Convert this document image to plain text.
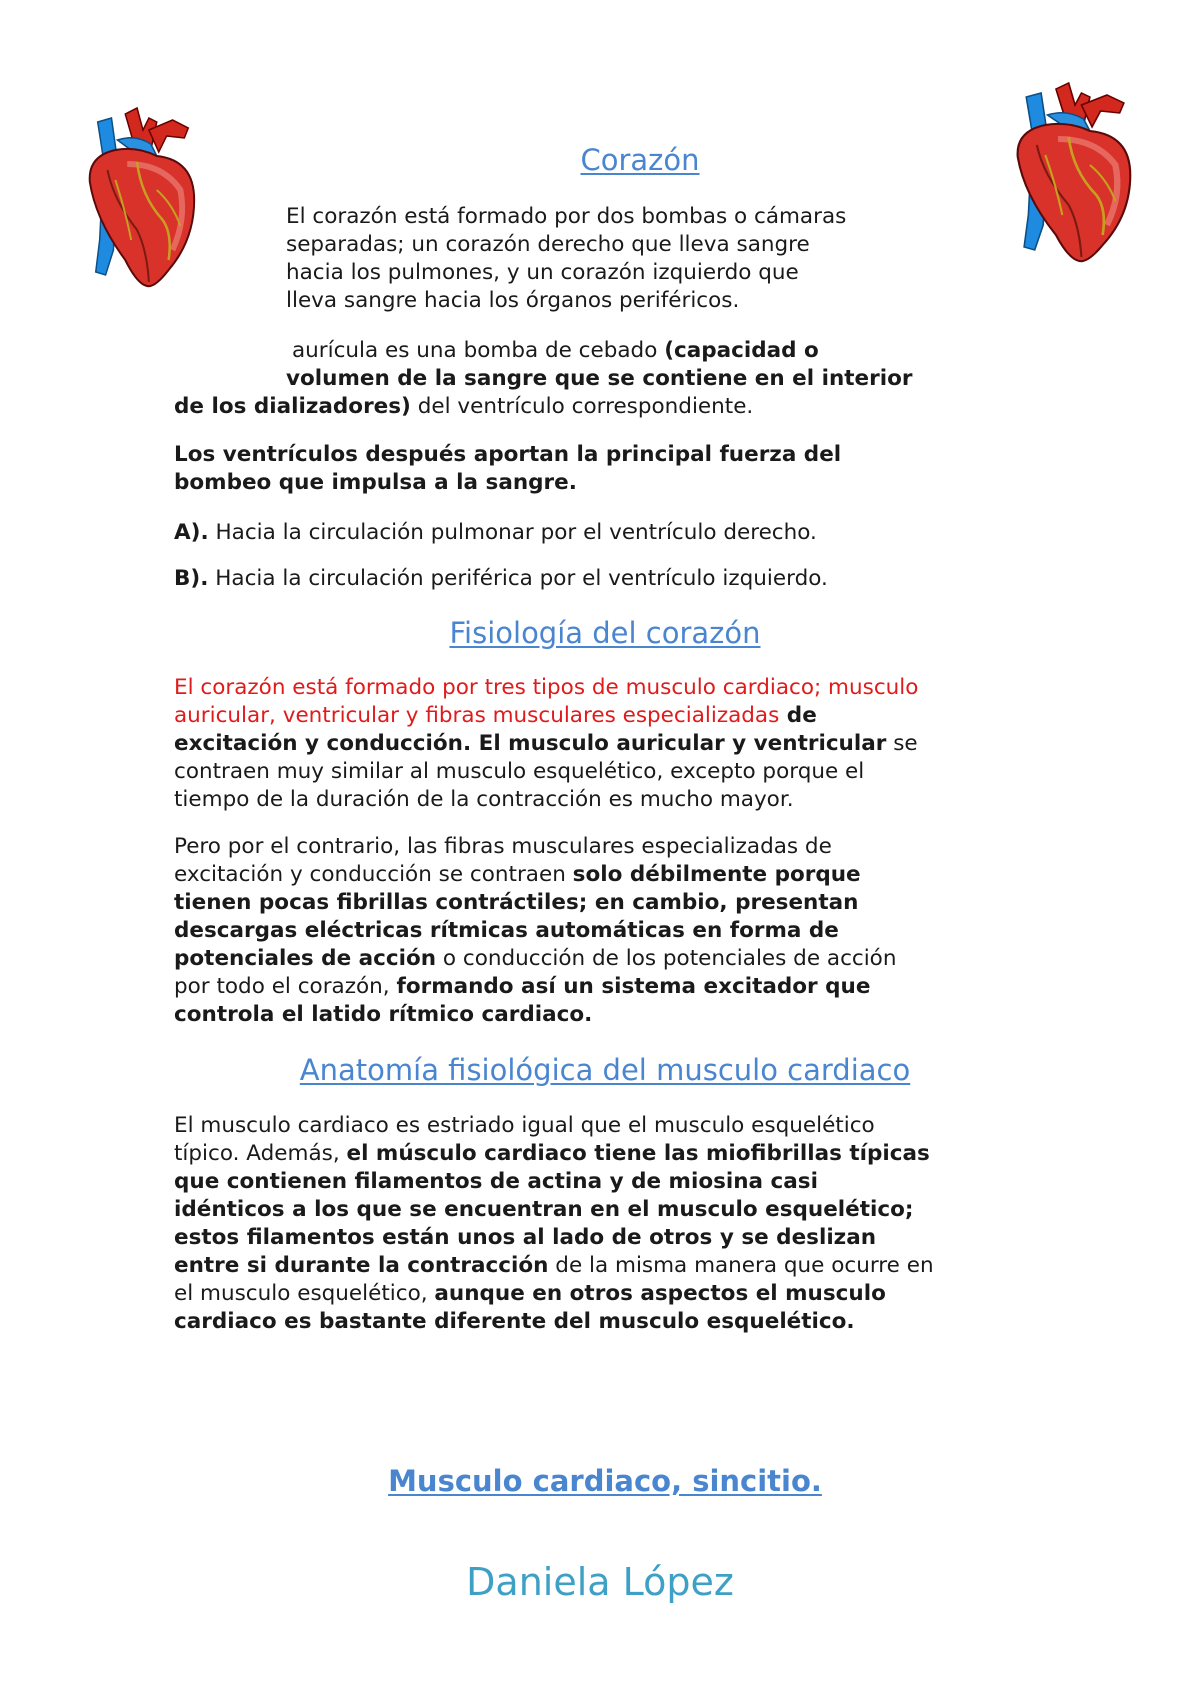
Corazón

El corazón está formado por dos bombas o cámaras
separadas; un corazón derecho que lleva sangre
hacia los pulmones, y un corazón izquierdo que
lleva sangre hacia los órganos periféricos.

aurícula es una bomba de cebado (capacidad o
volumen de la sangre que se contiene en el interior
de los dializadores) del ventrículo correspondiente.

Los ventrículos después aportan la principal fuerza del
bombeo que impulsa a la sangre.

A). Hacia la circulación pulmonar por el ventrículo derecho.

B). Hacia la circulación periférica por el ventrículo izquierdo.

Fisiología del corazón

El corazón está formado por tres tipos de musculo cardiaco; musculo
auricular, ventricular y fibras musculares especializadas de
excitación y conducción. El musculo auricular y ventricular se
contraen muy similar al musculo esquelético, excepto porque el
tiempo de la duración de la contracción es mucho mayor.

Pero por el contrario, las fibras musculares especializadas de
excitación y conducción se contraen solo débilmente porque
tienen pocas fibrillas contráctiles; en cambio, presentan
descargas eléctricas rítmicas automáticas en forma de
potenciales de acción o conducción de los potenciales de acción
por todo el corazón, formando así un sistema excitador que
controla el latido rítmico cardiaco.

Anatomía fisiológica del musculo cardiaco

El musculo cardiaco es estriado igual que el musculo esquelético
típico. Además, el músculo cardiaco tiene las miofibrillas típicas
que contienen filamentos de actina y de miosina casi
idénticos a los que se encuentran en el musculo esquelético;
estos filamentos están unos al lado de otros y se deslizan
entre si durante la contracción de la misma manera que ocurre en
el musculo esquelético, aunque en otros aspectos el musculo
cardiaco es bastante diferente del musculo esquelético.

Musculo cardiaco, sincitio.
Daniela López
